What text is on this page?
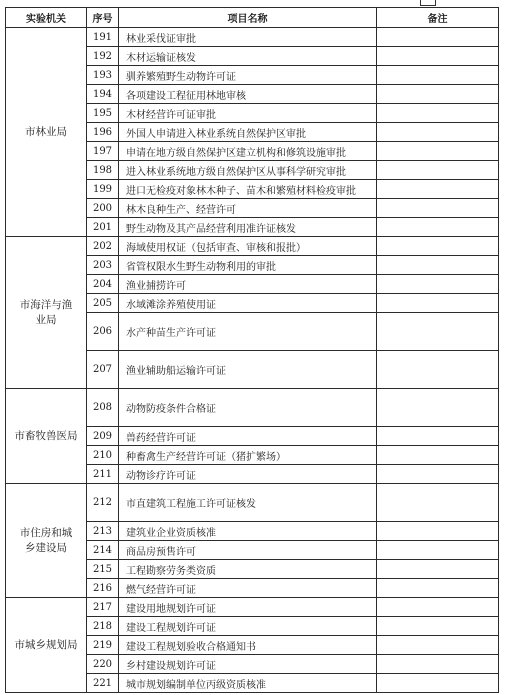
实验机关	序号	项目名称	备注
市林业局	191	林业采伐证审批	
	192	木材运输证核发	
	193	驯养繁殖野生动物许可证	
	194	各项建设工程征用林地审核	
	195	木材经营许可证审批	
	196	外国人申请进入林业系统自然保护区审批	
	197	申请在地方级自然保护区建立机构和修筑设施审批	
	198	进入林业系统地方级自然保护区从事科学研究审批	
	199	进口无检疫对象林木种子、苗木和繁殖材料检疫审批	
	200	林木良种生产、经营许可	
	201	野生动物及其产品经营利用准许证核发	
市海洋与渔业局	202	海域使用权证（包括审查、审核和报批）	
	203	省管权限水生野生动物利用的审批	
	204	渔业捕捞许可	
	205	水域滩涂养殖使用证	
	206	水产种苗生产许可证	
	207	渔业辅助船运输许可证	
市畜牧兽医局	208	动物防疫条件合格证	
	209	兽药经营许可证	
	210	种畜禽生产经营许可证（猪扩繁场）	
	211	动物诊疗许可证	
市住房和城乡建设局	212	市直建筑工程施工许可证核发	
	213	建筑业企业资质核准	
	214	商品房预售许可	
	215	工程勘察劳务类资质	
	216	燃气经营许可证	
市城乡规划局	217	建设用地规划许可证	
	218	建设工程规划许可证	
	219	建设工程规划验收合格通知书	
	220	乡村建设规划许可证	
	221	城市规划编制单位丙级资质核准	
